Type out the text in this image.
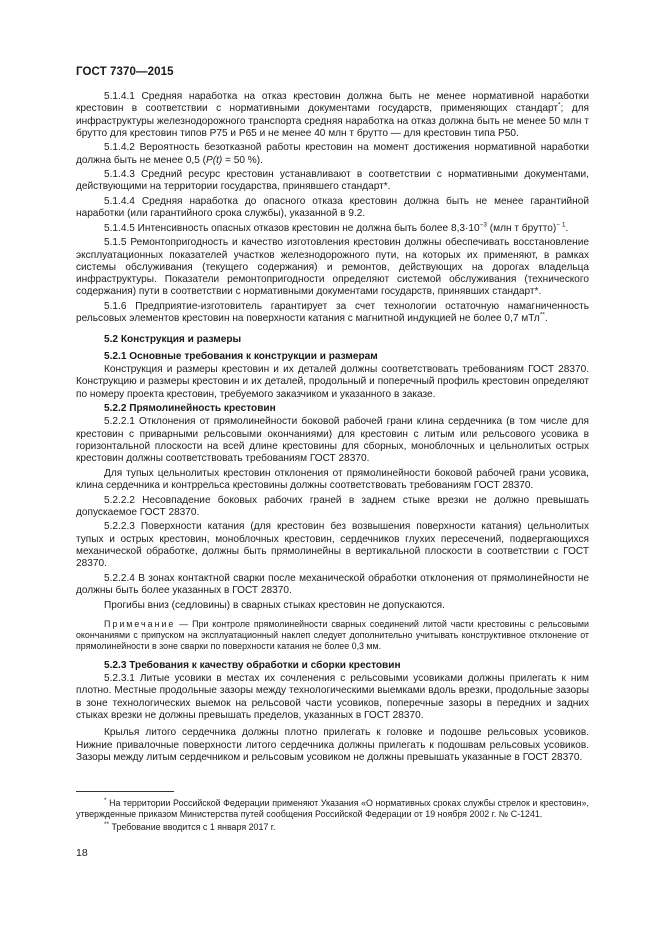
ГОСТ 7370—2015

5.1.4.1 Средняя наработка на отказ крестовин должна быть не менее нормативной наработки крестовин в соответствии с нормативными документами государств, применяющих стандарт*; для инфраструктуры железнодорожного транспорта средняя наработка на отказ должна быть не менее 50 млн т брутто для крестовин типов Р75 и Р65 и не менее 40 млн т брутто — для крестовин типа Р50.

5.1.4.2 Вероятность безотказной работы крестовин на момент достижения нормативной наработки должна быть не менее 0,5 (P(t) = 50 %).

5.1.4.3 Средний ресурс крестовин устанавливают в соответствии с нормативными документами, действующими на территории государства, принявшего стандарт*.

5.1.4.4 Средняя наработка до опасного отказа крестовин должна быть не менее гарантийной наработки (или гарантийного срока службы), указанной в 9.2.

5.1.4.5 Интенсивность опасных отказов крестовин не должна быть более $8,3\cdot 10^{-3}$ (млн т брутто)$^{- 1}$.

5.1.5 Ремонтопригодность и качество изготовления крестовин должны обеспечивать восстановление эксплуатационных показателей участков железнодорожного пути, на которых их применяют, в рамках системы обслуживания (текущего содержания) и ремонтов, действующих на дорогах владельца инфраструктуры. Показатели ремонтопригодности определяют системой обслуживания (технического содержания) пути в соответствии с нормативными документами государств, принявших стандарт*.

5.1.6 Предприятие-изготовитель гарантирует за счет технологии остаточную намагниченность рельсовых элементов крестовин на поверхности катания с магнитной индукцией не более 0,7 мТл**.

5.2 Конструкция и размеры
5.2.1 Основные требования к конструкции и размерам

Конструкция и размеры крестовин и их деталей должны соответствовать требованиям ГОСТ 28370. Конструкцию и размеры крестовин и их деталей, продольный и поперечный профиль крестовин определяют по номеру проекта крестовин, требуемого заказчиком и указанного в заказе.

5.2.2 Прямолинейность крестовин

5.2.2.1 Отклонения от прямолинейности боковой рабочей грани клина сердечника (в том числе для крестовин с приварными рельсовыми окончаниями) для крестовин с литым или рельсового усовика в горизонтальной плоскости на всей длине крестовины для сборных, моноблочных и цельнолитых острых крестовин должны соответствовать требованиям ГОСТ 28370.

Для тупых цельнолитых крестовин отклонения от прямолинейности боковой рабочей грани усовика, клина сердечника и контррельса крестовины должны соответствовать требованиям ГОСТ 28370.

5.2.2.2 Несовпадение боковых рабочих граней в заднем стыке врезки не должно превышать допускаемое ГОСТ 28370.

5.2.2.3 Поверхности катания (для крестовин без возвышения поверхности катания) цельнолитых тупых и острых крестовин, моноблочных крестовин, сердечников глухих пересечений, подвергающихся механической обработке, должны быть прямолинейны в вертикальной плоскости в соответствии с ГОСТ 28370.

5.2.2.4 В зонах контактной сварки после механической обработки отклонения от прямолинейности не должны быть более указанных в ГОСТ 28370.

Прогибы вниз (седловины) в сварных стыках крестовин не допускаются.

Примечание — При контроле прямолинейности сварных соединений литой части крестовины с рельсовыми окончаниями с припуском на эксплуатационный наклеп следует дополнительно учитывать конструктивное отклонение от прямолинейности в зоне сварки по поверхности катания не более 0,3 мм.

5.2.3 Требования к качеству обработки и сборки крестовин

5.2.3.1 Литые усовики в местах их сочленения с рельсовыми усовиками должны прилегать к ним плотно. Местные продольные зазоры между технологическими выемками вдоль врезки, продольные зазоры в зоне технологических выемок на рельсовой части усовиков, поперечные зазоры в передних и задних стыках врезки не должны превышать пределов, указанных в ГОСТ 28370.

Крылья литого сердечника должны плотно прилегать к головке и подошве рельсовых усовиков. Нижние привалочные поверхности литого сердечника должны прилегать к подошвам рельсовых усовиков. Зазоры между литым сердечником и рельсовым усовиком не должны превышать указанные в ГОСТ 28370.

* На территории Российской Федерации применяют Указания «О нормативных сроках службы стрелок и крестовин», утвержденные приказом Министерства путей сообщения Российской Федерации от 19 ноября 2002 г. № С-1241.

** Требование вводится с 1 января 2017 г.

18
